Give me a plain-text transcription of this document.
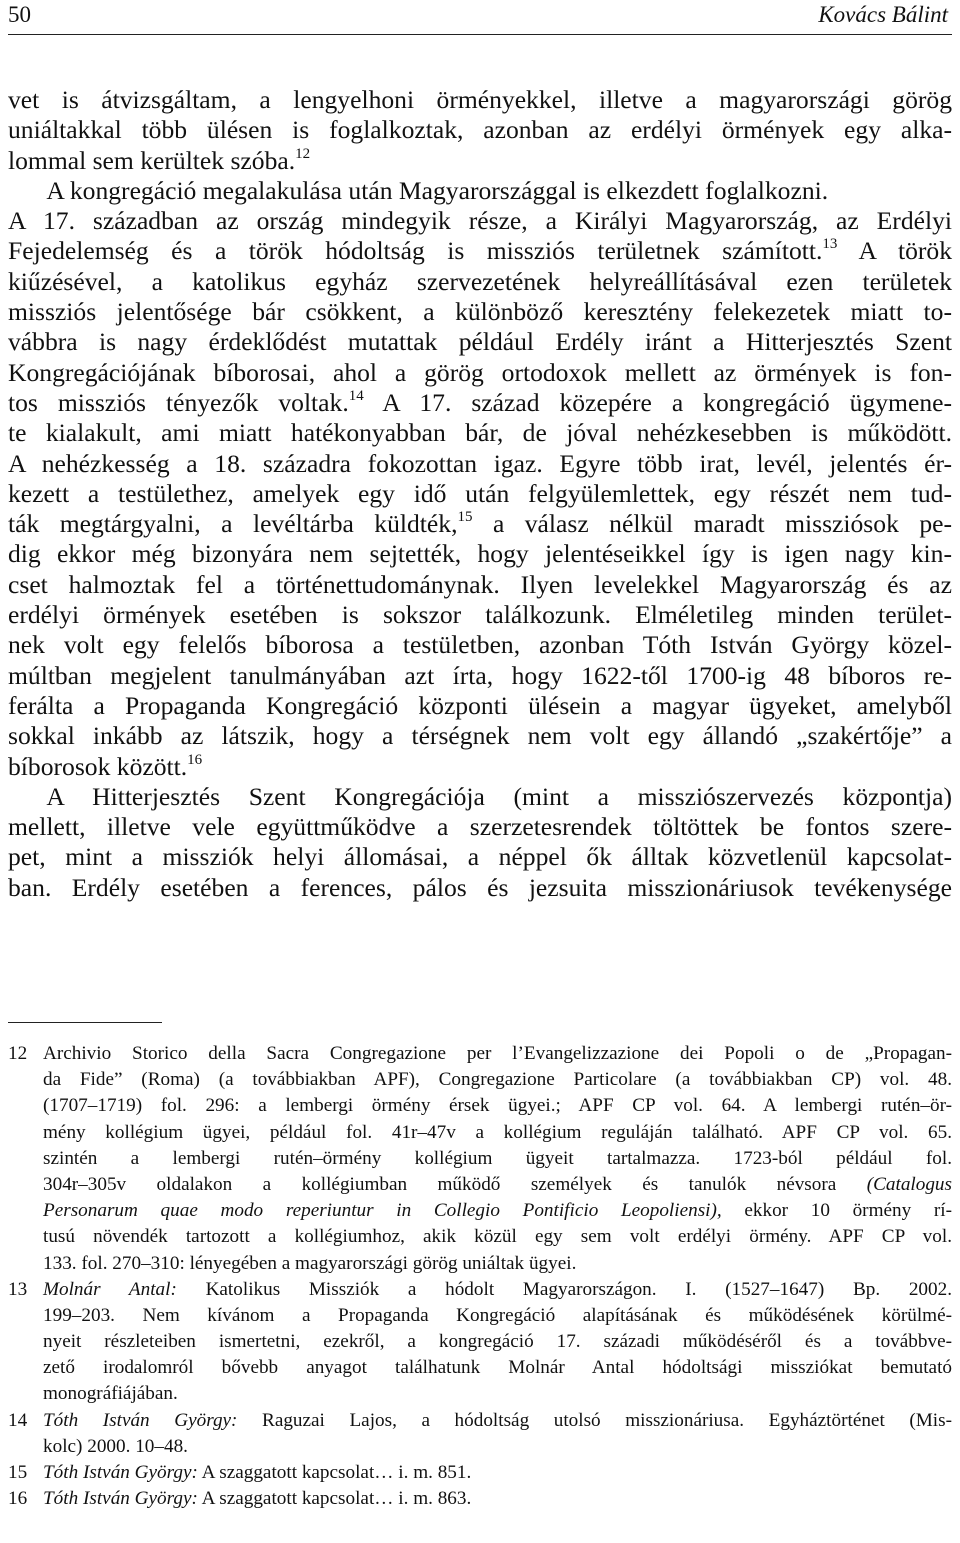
50	Kovács Bálint
vet is átvizsgáltam, a lengyelhoni örményekkel, illetve a magyarországi görög
uniáltakkal több ülésen is foglalkoztak, azonban az erdélyi örmények egy alka-
lommal sem kerültek szóba.$^{12}$
  A kongregáció megalakulása után Magyarországgal is elkezdett foglalkozni.
A 17. században az ország mindegyik része, a Királyi Magyarország, az Erdélyi
Fejedelemség és a török hódoltság is missziós területnek számított.$^{13}$ A török
kiűzésével, a katolikus egyház szervezetének helyreállításával ezen területek
missziós jelentősége bár csökkent, a különböző keresztény felekezetek miatt to-
vábbra is nagy érdeklődést mutattak például Erdély iránt a Hitterjesztés Szent
Kongregációjának bíborosai, ahol a görög ortodoxok mellett az örmények is fon-
tos missziós tényezők voltak.$^{14}$ A 17. század közepére a kongregáció ügymene-
te kialakult, ami miatt hatékonyabban bár, de jóval nehézkesebben is működött.
A nehézkesség a 18. századra fokozottan igaz. Egyre több irat, levél, jelentés ér-
kezett a testülethez, amelyek egy idő után felgyülemlettek, egy részét nem tud-
ták megtárgyalni, a levéltárba küldték,$^{15}$ a válasz nélkül maradt missziósok pe-
dig ekkor még bizonyára nem sejtették, hogy jelentéseikkel így is igen nagy kin-
cset halmoztak fel a történettudománynak. Ilyen levelekkel Magyarország és az
erdélyi örmények esetében is sokszor találkozunk. Elméletileg minden terület-
nek volt egy felelős bíborosa a testületben, azonban Tóth István György közel-
múltban megjelent tanulmányában azt írta, hogy 1622-től 1700-ig 48 bíboros re-
ferálta a Propaganda Kongregáció központi ülésein a magyar ügyeket, amelyből
sokkal inkább az látszik, hogy a térségnek nem volt egy állandó „szakértője” a
bíborosok között.$^{16}$
  A Hitterjesztés Szent Kongregációja (mint a missziószervezés központja)
mellett, illetve vele együttműködve a szerzetesrendek töltöttek be fontos szere-
pet, mint a missziók helyi állomásai, a néppel ők álltak közvetlenül kapcsolat-
ban. Erdély esetében a ferences, pálos és jezsuita misszionáriusok tevékenysége
12 Archivio Storico della Sacra Congregazione per l’Evangelizzazione dei Popoli o de „Propagan-
da Fide” (Roma) (a továbbiakban APF), Congregazione Particolare (a továbbiakban CP) vol. 48.
(1707–1719) fol. 296: a lembergi örmény érsek ügyei.; APF CP vol. 64. A lembergi rutén–ör-
mény kollégium ügyei, például fol. 41r–47v a kollégium reguláján található. APF CP vol. 65.
szintén a lembergi rutén–örmény kollégium ügyeit tartalmazza. 1723-ból például fol.
304r–305v oldalakon a kollégiumban működő személyek és tanulók névsora (Catalogus
Personarum quae modo reperiuntur in Collegio Pontificio Leopoliensi), ekkor 10 örmény rí-
tusú növendék tartozott a kollégiumhoz, akik közül egy sem volt erdélyi örmény. APF CP vol.
133. fol. 270–310: lényegében a magyarországi görög uniáltak ügyei.
13 Molnár Antal: Katolikus Missziók a hódolt Magyarországon. I. (1527–1647) Bp. 2002.
199–203. Nem kívánom a Propaganda Kongregáció alapításának és működésének körülmé-
nyeit részleteiben ismertetni, ezekről, a kongregáció 17. századi működéséről és a továbbve-
zető irodalomról bővebb anyagot találhatunk Molnár Antal hódoltsági missziókat bemutató
monográfiájában.
14 Tóth István György: Raguzai Lajos, a hódoltság utolsó misszionáriusa. Egyháztörténet (Mis-
kolc) 2000. 10–48.
15 Tóth István György: A szaggatott kapcsolat… i. m. 851.
16 Tóth István György: A szaggatott kapcsolat… i. m. 863.
